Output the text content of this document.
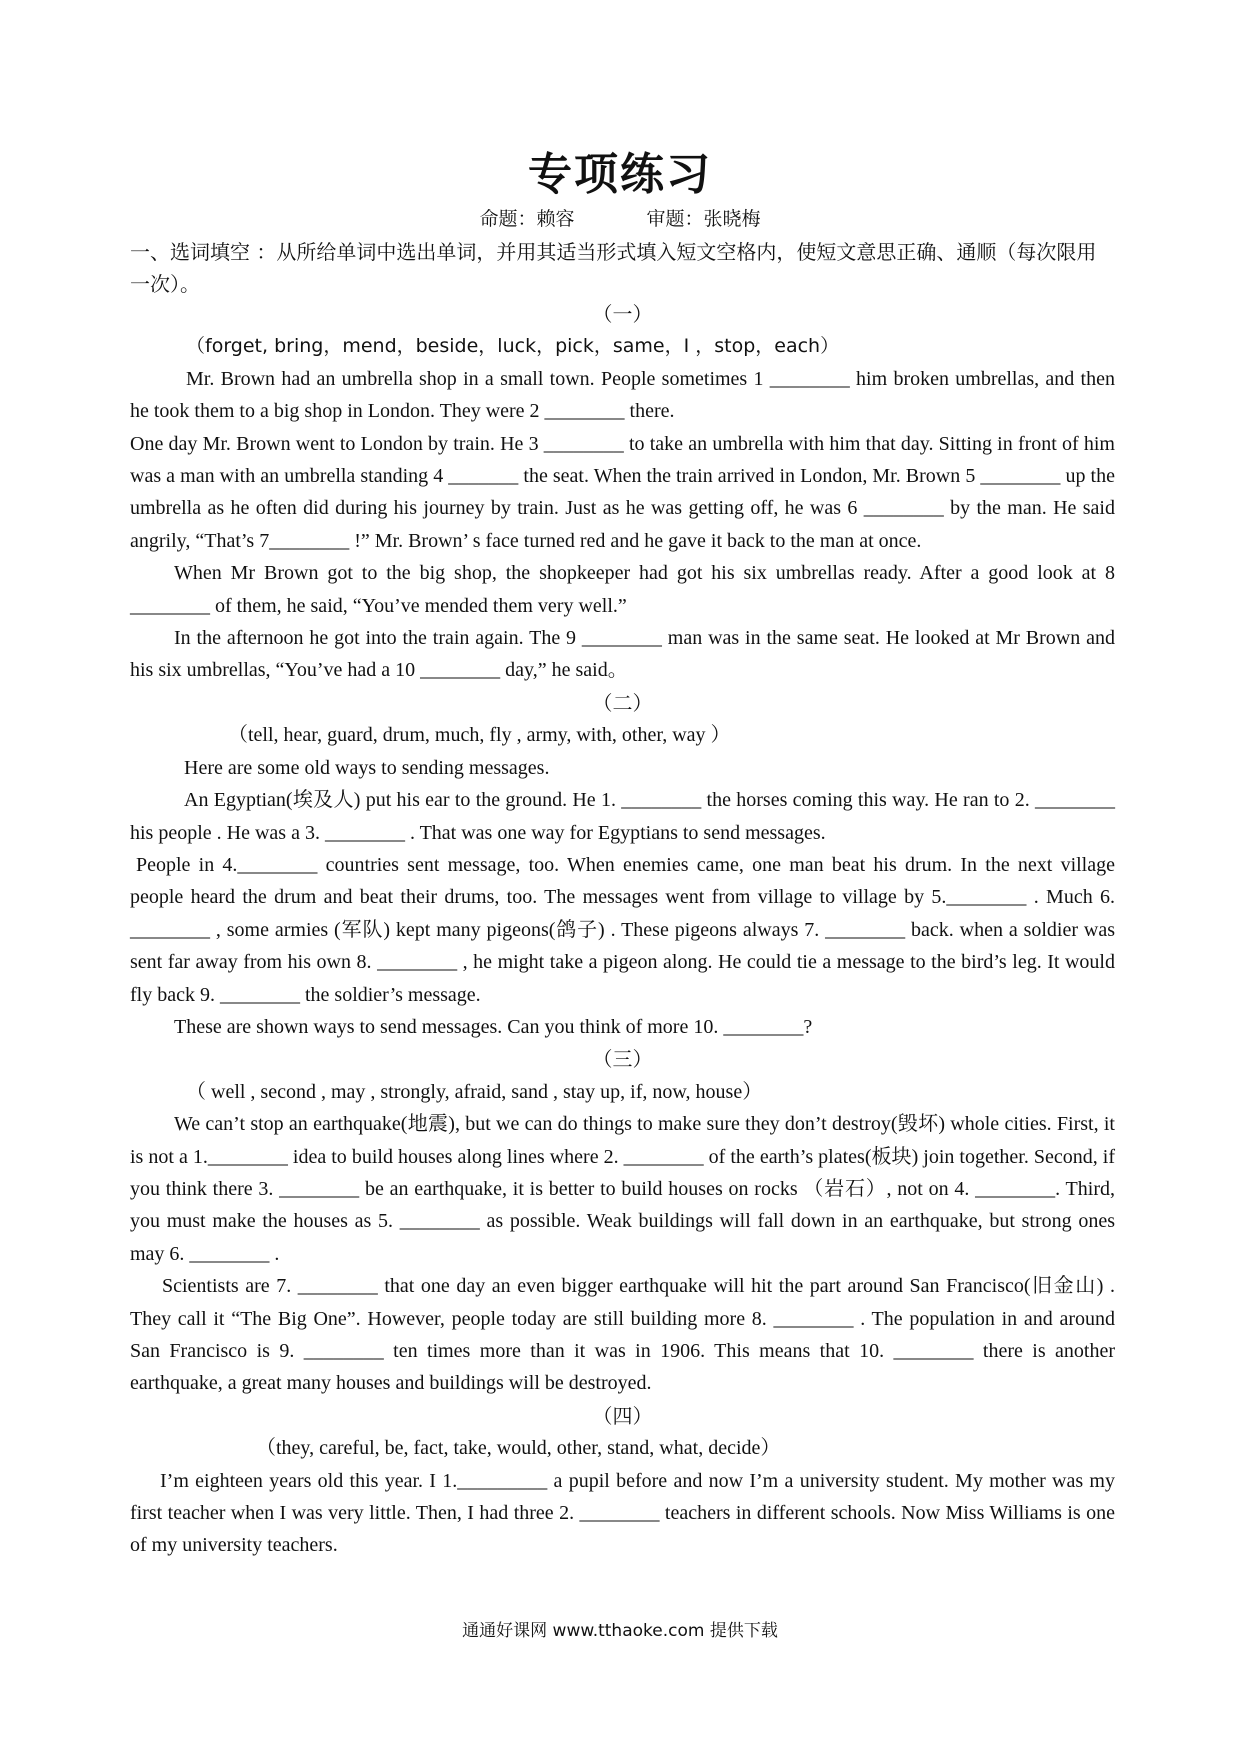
专项练习
命题：赖容	审题：张晓梅
一、选词填空 ：从所给单词中选出单词，并用其适当形式填入短文空格内，使短文意思正确、通顺（每次限用一次）。

（一）

（forget, bring，mend，beside，luck，pick，same，I ，stop，each）

Mr. Brown had an umbrella shop in a small town. People sometimes 1 ________ him broken umbrellas, and then he took them to a big shop in London. They were 2 ________ there.

One day Mr. Brown went to London by train. He 3 ________ to take an umbrella with him that day. Sitting in front of him was a man with an umbrella standing 4 _______ the seat. When the train arrived in London, Mr. Brown 5 ________ up the umbrella as he often did during his journey by train. Just as he was getting off, he was 6 ________ by the man. He said angrily, “That’s 7________ !” Mr. Brown’ s face turned red and he gave it back to the man at once.

When Mr Brown got to the big shop, the shopkeeper had got his six umbrellas ready. After a good look at 8 ________ of them, he said, “You’ve mended them very well.”

In the afternoon he got into the train again. The 9 ________ man was in the same seat. He looked at Mr Brown and his six umbrellas, “You’ve had a 10 ________ day,” he said。

（二）

（tell, hear, guard, drum, much, fly , army, with, other, way ）

Here are some old ways to sending messages.

An Egyptian(埃及人) put his ear to the ground. He 1. ________ the horses coming this way. He ran to 2. ________ his people . He was a 3. ________ . That was one way for Egyptians to send messages.

People in 4.________ countries sent message, too. When enemies came, one man beat his drum. In the next village people heard the drum and beat their drums, too. The messages went from village to village by 5.________ . Much 6. ________ , some armies (军队) kept many pigeons(鸽子) . These pigeons always 7. ________ back. when a soldier was sent far away from his own 8. ________ , he might take a pigeon along. He could tie a message to the bird’s leg. It would fly back 9. ________ the soldier’s message.

These are shown ways to send messages. Can you think of more 10. ________?

（三）

（ well , second , may , strongly, afraid, sand , stay up, if, now, house）

We can’t stop an earthquake(地震), but we can do things to make sure they don’t destroy(毁坏) whole cities. First, it is not a 1.________ idea to build houses along lines where 2. ________ of the earth’s plates(板块) join together. Second, if you think there 3. ________ be an earthquake, it is better to build houses on rocks （岩石）, not on 4. ________. Third, you must make the houses as 5. ________ as possible. Weak buildings will fall down in an earthquake, but strong ones may 6. ________ .

Scientists are 7. ________ that one day an even bigger earthquake will hit the part around San Francisco(旧金山) . They call it “The Big One”. However, people today are still building more 8. ________ . The population in and around San Francisco is 9. ________ ten times more than it was in 1906. This means that 10. ________ there is another earthquake, a great many houses and buildings will be destroyed.

（四）

（they, careful, be, fact, take, would, other, stand, what, decide）

I’m eighteen years old this year. I 1._________ a pupil before and now I’m a university student. My mother was my first teacher when I was very little. Then, I had three 2. ________ teachers in different schools. Now Miss Williams is one of my university teachers.

通通好课网 www.tthaoke.com 提供下载
